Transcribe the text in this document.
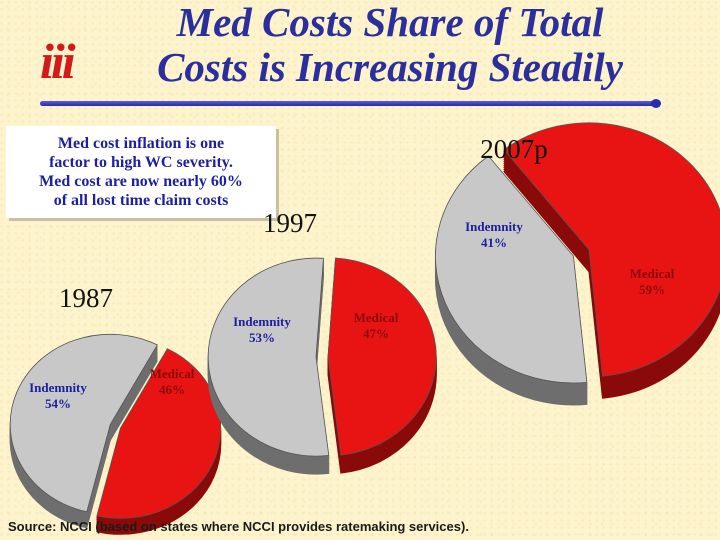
iii
Med Costs Share of Total
Costs is Increasing Steadily
Med cost inflation is one
factor to high WC severity.
Med cost are now nearly 60%
of all lost time claim costs
Medical 46%
Indemnity 54%
1987
Medical 47%
Indemnity 53%
1997
Medical 59%
Indemnity 41%
2007p
Source: NCCI (based on states where NCCI provides ratemaking services).
